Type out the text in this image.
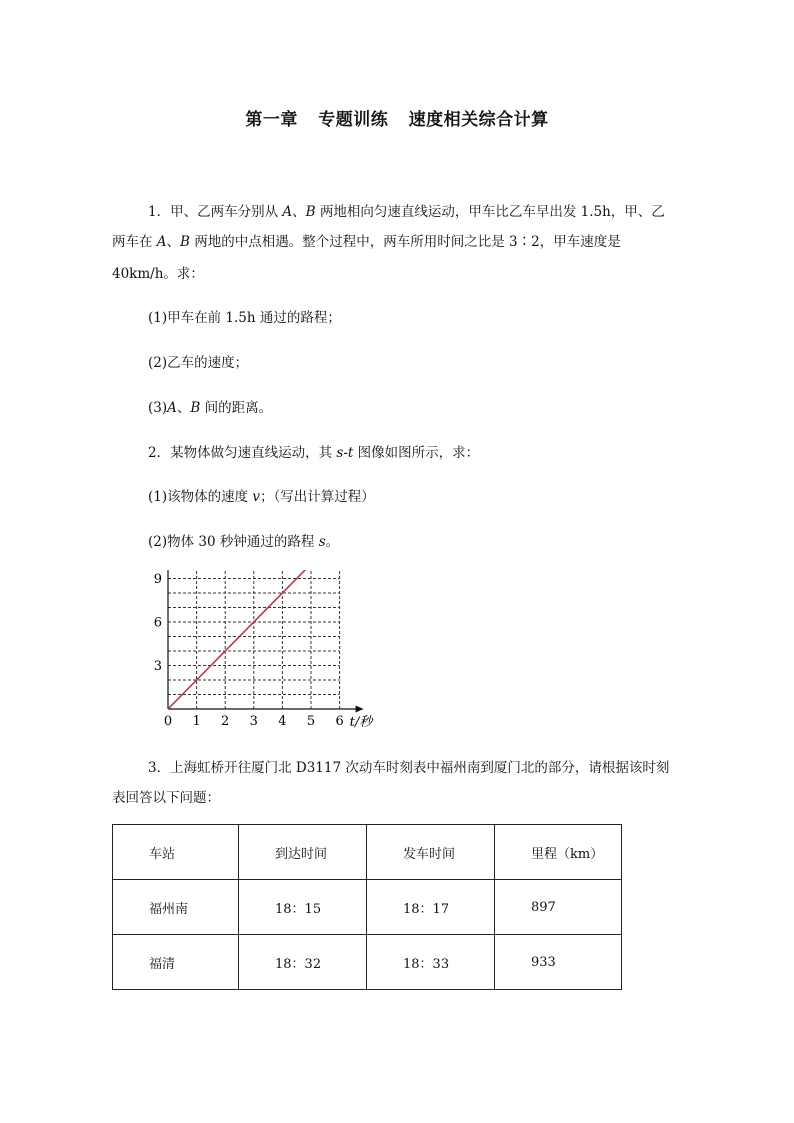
第一章 专题训练 速度相关综合计算
1．甲、乙两车分别从 A、B 两地相向匀速直线运动，甲车比乙车早出发 1.5h，甲、乙
两车在 A、B 两地的中点相遇。整个过程中，两车所用时间之比是 3∶2，甲车速度是
40km/h。求：
(1)甲车在前 1.5h 通过的路程；
(2)乙车的速度；
(3)A、B 间的距离。
2．某物体做匀速直线运动，其 s-t 图像如图所示，求：
(1)该物体的速度 v；（写出计算过程）
(2)物体 30 秒钟通过的路程 s。
0 1 2 3 4 5 6
3
6
9
t/秒
3．上海虹桥开往厦门北 D3117 次动车时刻表中福州南到厦门北的部分，请根据该时刻
表回答以下问题：
车站	到达时间	发车时间	里程（km）
福州南	18：15	18：17	897
福清	18：32	18：33	933
